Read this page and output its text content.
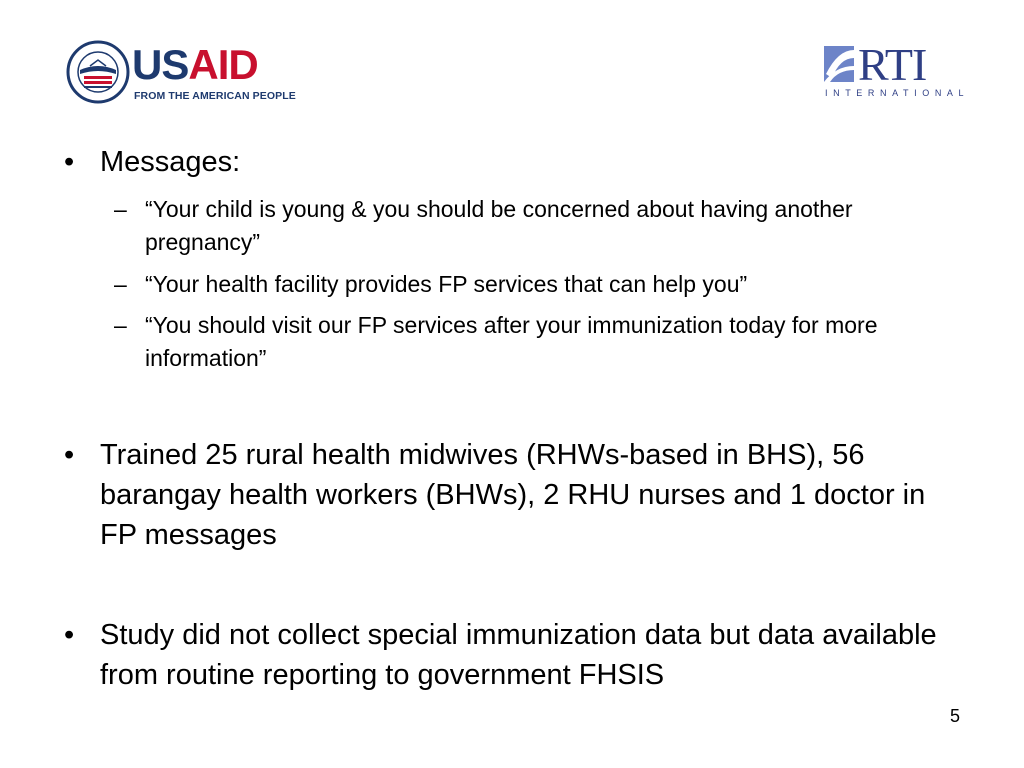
USAID
FROM THE AMERICAN PEOPLE
RTI
INTERNATIONAL
• Messages:
– “Your child is young & you should be concerned about having another pregnancy”
– “Your health facility provides FP services that can help you”
– “You should visit our FP services after your immunization today for more information”
• Trained 25 rural health midwives (RHWs-based in BHS), 56 barangay health workers (BHWs), 2 RHU nurses and 1 doctor in FP messages
• Study did not collect special immunization data but data available from routine reporting to government FHSIS
5
